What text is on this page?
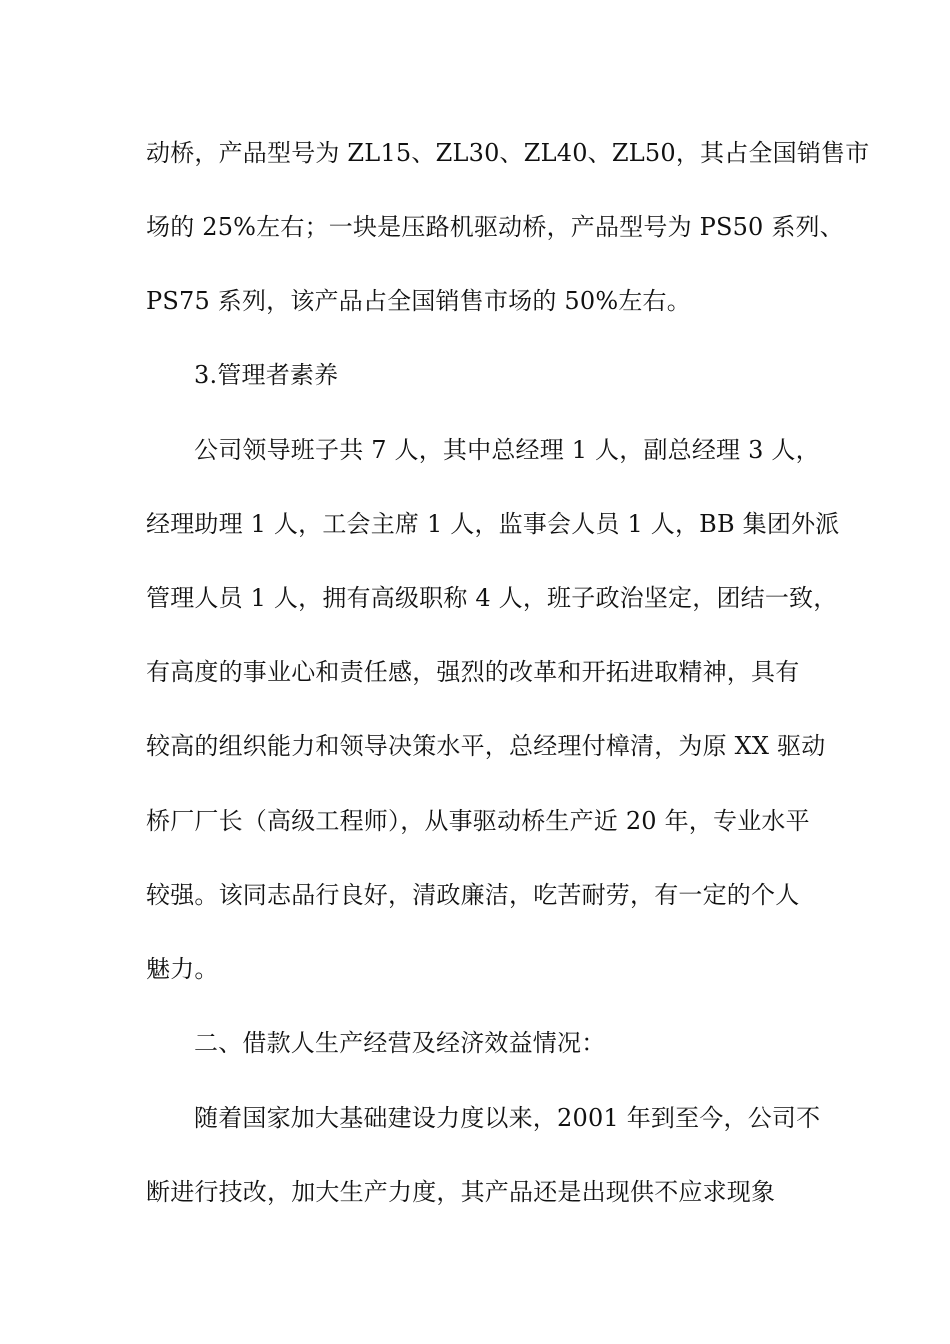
动桥，产品型号为 ZL15、ZL30、ZL40、ZL50，其占全国销售市
场的 25%左右；一块是压路机驱动桥，产品型号为 PS50 系列、
PS75 系列，该产品占全国销售市场的 50%左右。
3.管理者素养
公司领导班子共 7 人，其中总经理 1 人，副总经理 3 人，
经理助理 1 人，工会主席 1 人，监事会人员 1 人，BB 集团外派
管理人员 1 人，拥有高级职称 4 人，班子政治坚定，团结一致，
有高度的事业心和责任感，强烈的改革和开拓进取精神，具有
较高的组织能力和领导决策水平，总经理付樟清，为原 XX 驱动
桥厂厂长（高级工程师），从事驱动桥生产近 20 年，专业水平
较强。该同志品行良好，清政廉洁，吃苦耐劳，有一定的个人
魅力。
二、借款人生产经营及经济效益情况：
随着国家加大基础建设力度以来，2001 年到至今，公司不
断进行技改，加大生产力度，其产品还是出现供不应求现象
